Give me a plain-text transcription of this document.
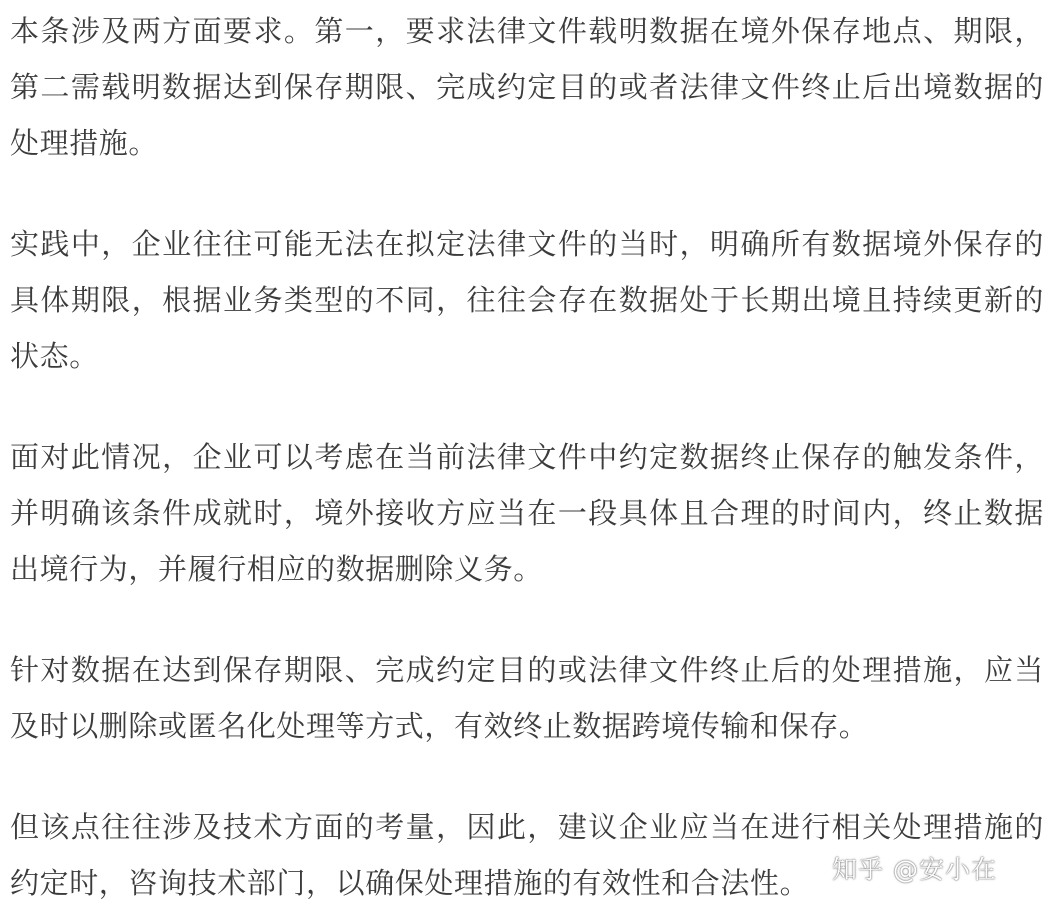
本条涉及两方面要求。第一，要求法律文件载明数据在境外保存地点、期限，第二需载明数据达到保存期限、完成约定目的或者法律文件终止后出境数据的处理措施。

实践中，企业往往可能无法在拟定法律文件的当时，明确所有数据境外保存的具体期限，根据业务类型的不同，往往会存在数据处于长期出境且持续更新的状态。

面对此情况，企业可以考虑在当前法律文件中约定数据终止保存的触发条件，并明确该条件成就时，境外接收方应当在一段具体且合理的时间内，终止数据出境行为，并履行相应的数据删除义务。

针对数据在达到保存期限、完成约定目的或法律文件终止后的处理措施，应当及时以删除或匿名化处理等方式，有效终止数据跨境传输和保存。

但该点往往涉及技术方面的考量，因此，建议企业应当在进行相关处理措施的约定时，咨询技术部门，以确保处理措施的有效性和合法性。 知乎 @安小在
